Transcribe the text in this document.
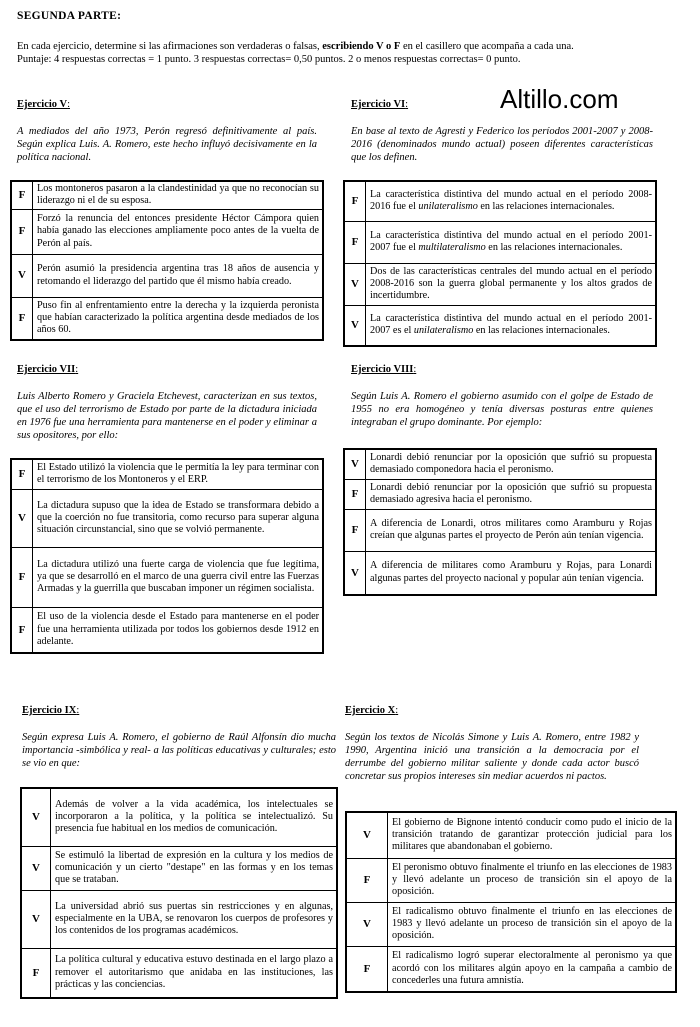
SEGUNDA PARTE:
En cada ejercicio, determine si las afirmaciones son verdaderas o falsas, escribiendo V o F en el casillero que acompaña a cada una.
Puntaje: 4 respuestas correctas = 1 punto. 3 respuestas correctas= 0,50 puntos. 2 o menos respuestas correctas= 0 punto.
Altillo.com
Ejercicio V:
A mediados del año 1973, Perón regresó definitivamente al país. Según explica Luis. A. Romero, este hecho influyó decisivamente en la política nacional.
F	Los montoneros pasaron a la clandestinidad ya que no reconocían su liderazgo ni el de su esposa.
F	Forzó la renuncia del entonces presidente Héctor Cámpora quien había ganado las elecciones ampliamente poco antes de la vuelta de Perón al país.
V	Perón asumió la presidencia argentina tras 18 años de ausencia y retomando el liderazgo del partido que él mismo había creado.
F	Puso fin al enfrentamiento entre la derecha y la izquierda peronista que habían caracterizado la política argentina desde mediados de los años 60.
Ejercicio VI:
En base al texto de Agresti y Federico los períodos 2001-2007 y 2008-2016 (denominados mundo actual) poseen diferentes características que los definen.
F	La característica distintiva del mundo actual en el período 2008-2016 fue el unilateralismo en las relaciones internacionales.
F	La característica distintiva del mundo actual en el período 2001-2007 fue el multilateralismo en las relaciones internacionales.
V	Dos de las características centrales del mundo actual en el período 2008-2016 son la guerra global permanente y los altos grados de incertidumbre.
V	La característica distintiva del mundo actual en el período 2001-2007 es el unilateralismo en las relaciones internacionales.
Ejercicio VII:
Luis Alberto Romero y Graciela Etchevest, caracterizan en sus textos, que el uso del terrorismo de Estado por parte de la dictadura iniciada en 1976 fue una herramienta para mantenerse en el poder y eliminar a sus opositores, por ello:
F	El Estado utilizó la violencia que le permitía la ley para terminar con el terrorismo de los Montoneros y el ERP.
V	La dictadura supuso que la idea de Estado se transformara debido a que la coerción no fue transitoria, como recurso para superar alguna situación circunstancial, sino que se volvió permanente.
F	La dictadura utilizó una fuerte carga de violencia que fue legítima, ya que se desarrolló en el marco de una guerra civil entre las Fuerzas Armadas y la guerrilla que buscaban imponer un régimen socialista.
F	El uso de la violencia desde el Estado para mantenerse en el poder fue una herramienta utilizada por todos los gobiernos desde 1912 en adelante.
Ejercicio VIII:
Según Luis A. Romero el gobierno asumido con el golpe de Estado de 1955 no era homogéneo y tenía diversas posturas entre quienes integraban el grupo dominante. Por ejemplo:
V	Lonardi debió renunciar por la oposición que sufrió su propuesta demasiado componedora hacia el peronismo.
F	Lonardi debió renunciar por la oposición que sufrió su propuesta demasiado agresiva hacia el peronismo.
F	A diferencia de Lonardi, otros militares como Aramburu y Rojas creían que algunas partes el proyecto de Perón aún tenían vigencia.
V	A diferencia de militares como Aramburu y Rojas, para Lonardi algunas partes del proyecto nacional y popular aún tenían vigencia.
Ejercicio IX:
Según expresa Luis A. Romero, el gobierno de Raúl Alfonsín dio mucha importancia -simbólica y real- a las políticas educativas y culturales; esto se vio en que:
V	Además de volver a la vida académica, los intelectuales se incorporaron a la política, y la política se intelectualizó. Su presencia fue habitual en los medios de comunicación.
V	Se estimuló la libertad de expresión en la cultura y los medios de comunicación y un cierto "destape" en las formas y en los temas que se trataban.
V	La universidad abrió sus puertas sin restricciones y en algunas, especialmente en la UBA, se renovaron los cuerpos de profesores y los contenidos de los programas académicos.
F	La política cultural y educativa estuvo destinada en el largo plazo a remover el autoritarismo que anidaba en las instituciones, las prácticas y las conciencias.
Ejercicio X:
Según los textos de Nicolás Simone y Luis A. Romero, entre 1982 y 1990, Argentina inició una transición a la democracia por el derrumbe del gobierno militar saliente y donde cada actor buscó concretar sus propios intereses sin mediar acuerdos ni pactos.
V	El gobierno de Bignone intentó conducir como pudo el inicio de la transición tratando de garantizar protección judicial para los militares que abandonaban el gobierno.
F	El peronismo obtuvo finalmente el triunfo en las elecciones de 1983 y llevó adelante un proceso de transición sin el apoyo de la oposición.
V	El radicalismo obtuvo finalmente el triunfo en las elecciones de 1983 y llevó adelante un proceso de transición sin el apoyo de la oposición.
F	El radicalismo logró superar electoralmente al peronismo ya que acordó con los militares algún apoyo en la campaña a cambio de concederles una futura amnistía.
